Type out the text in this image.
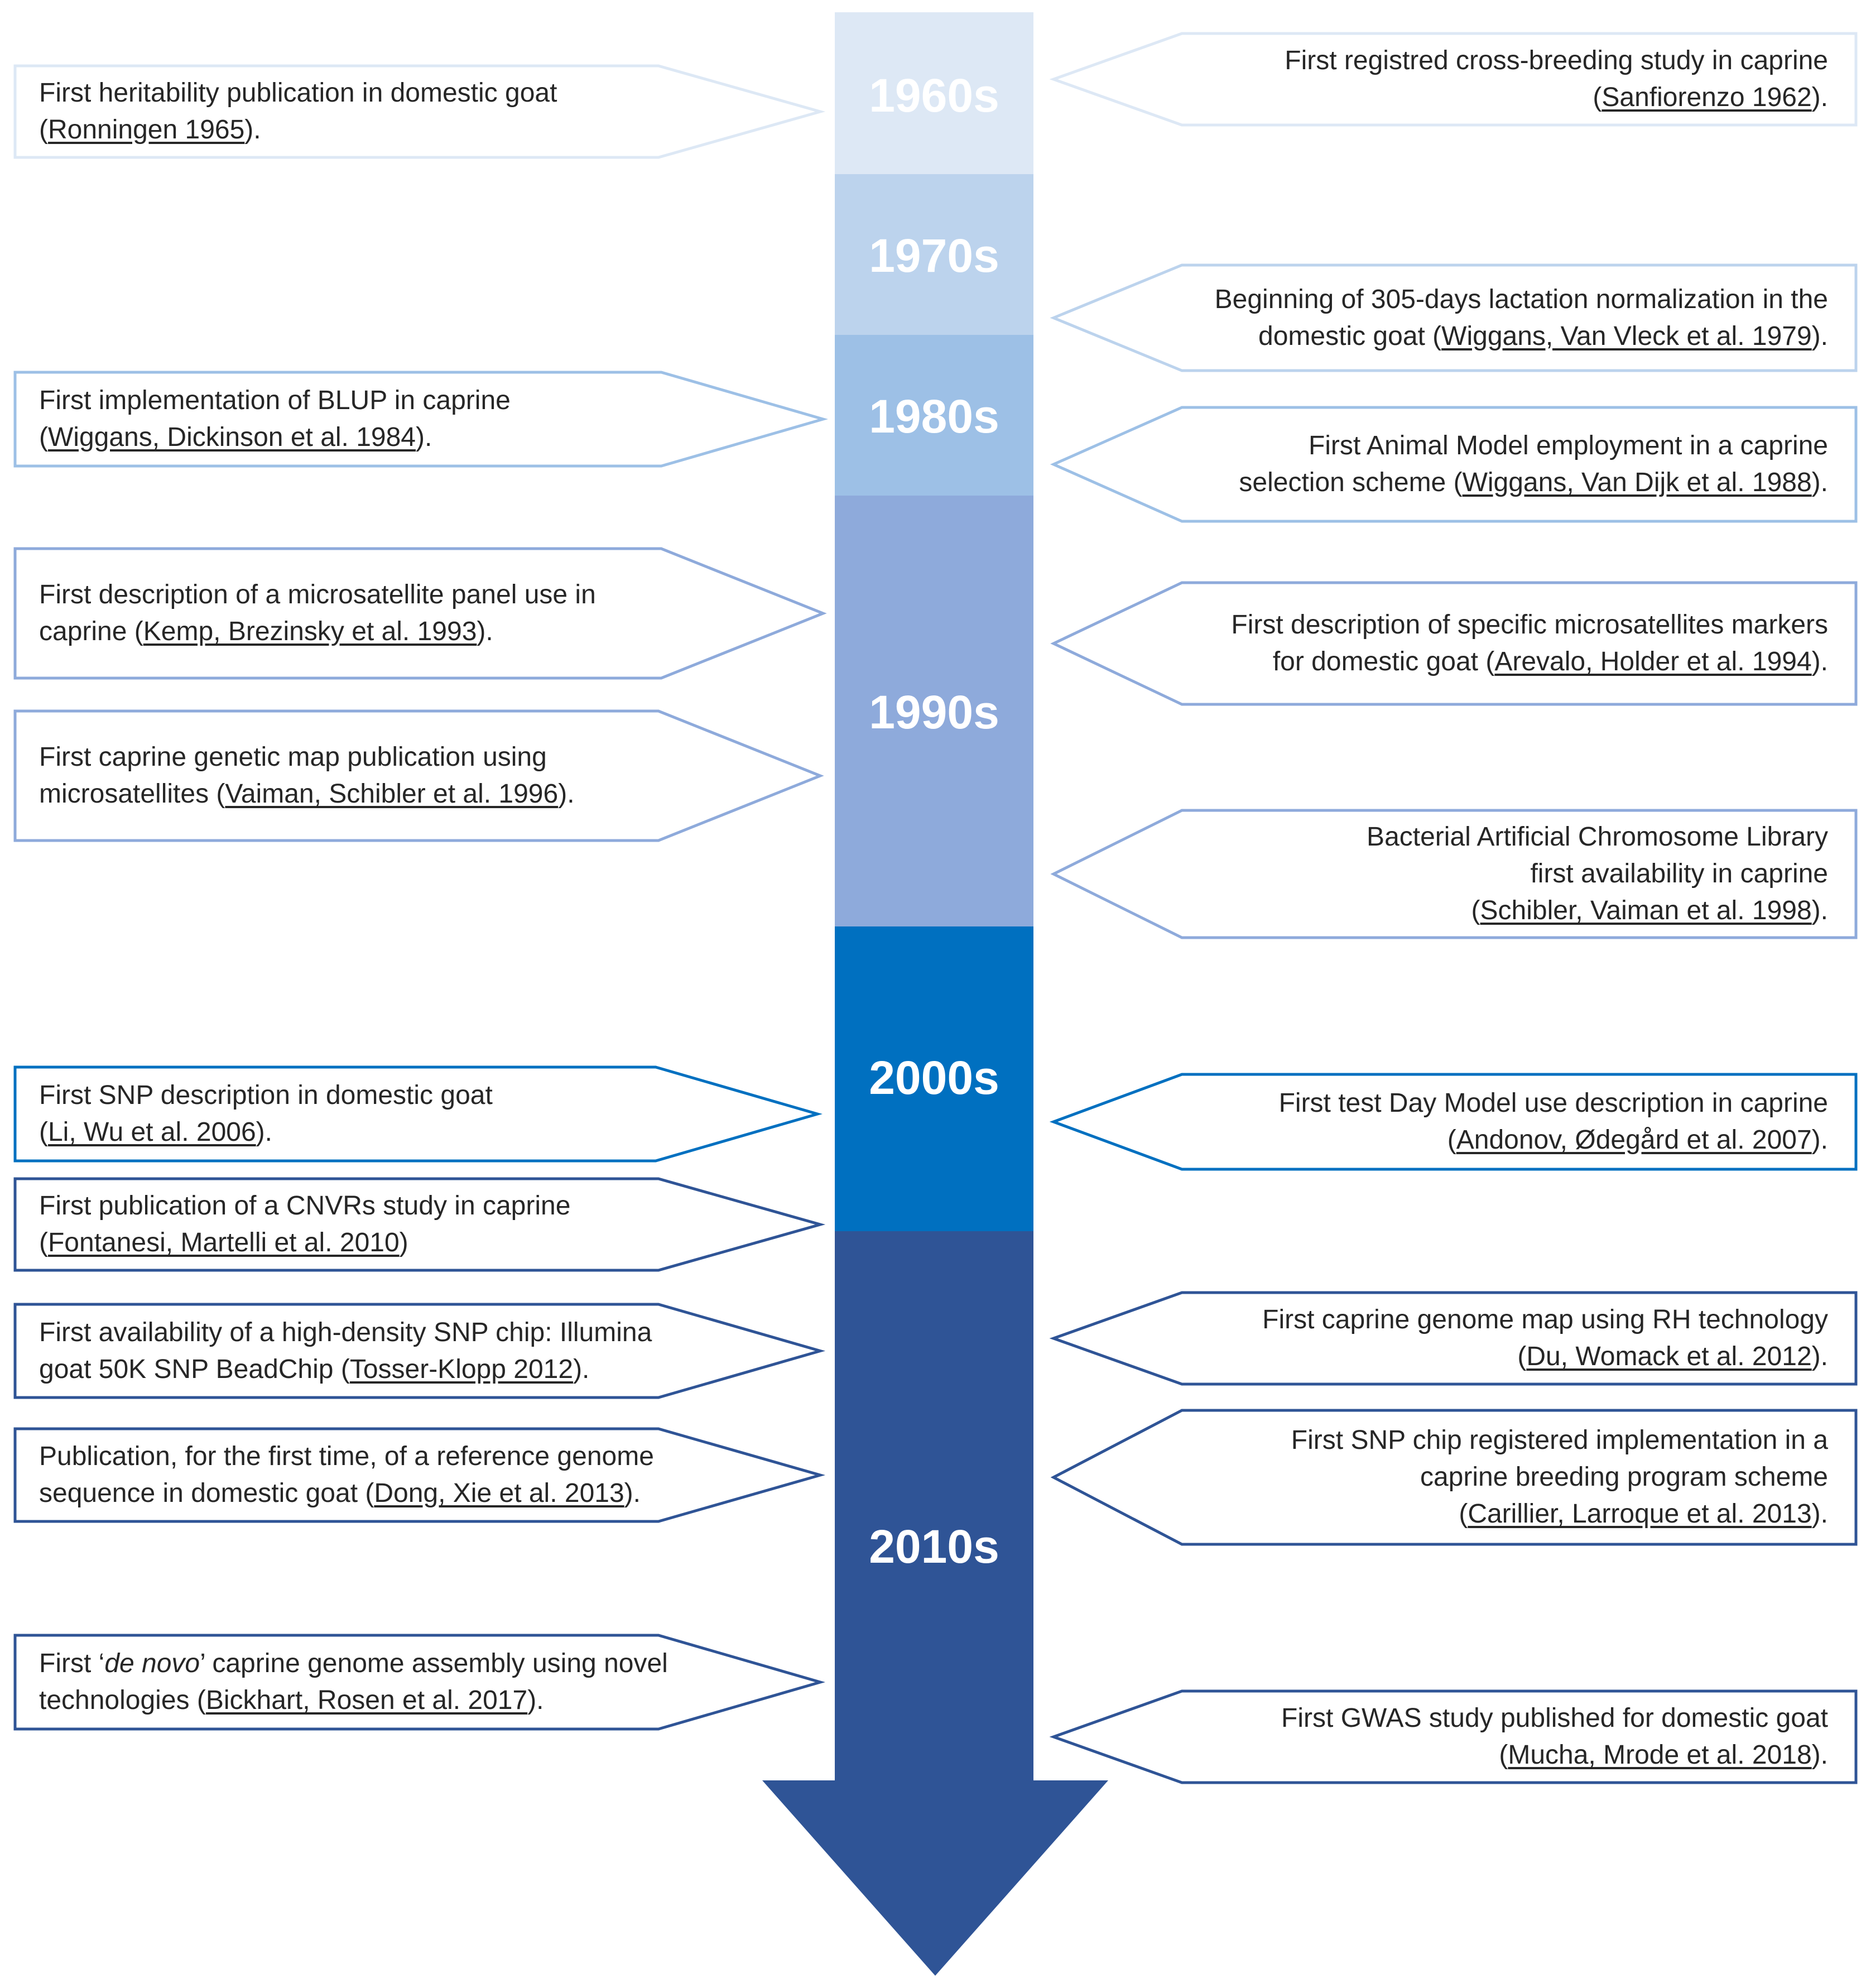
1960s
1970s
1980s
1990s
2000s
2010s
First heritability publication in domestic goat
(Ronningen 1965).
First implementation of BLUP in caprine
(Wiggans, Dickinson et al. 1984).
First description of a microsatellite panel use in
caprine (Kemp, Brezinsky et al. 1993).
First caprine genetic map publication using
microsatellites (Vaiman, Schibler et al. 1996).
First SNP description in domestic goat
(Li, Wu et al. 2006).
First publication of a CNVRs study in caprine
(Fontanesi, Martelli et al. 2010)
First availability of a high-density SNP chip: Illumina
goat 50K SNP BeadChip (Tosser-Klopp 2012).
Publication, for the first time, of a reference genome
sequence in domestic goat (Dong, Xie et al. 2013).
First ‘de novo’ caprine genome assembly using novel
technologies (Bickhart, Rosen et al. 2017).
First registred cross-breeding study in caprine
(Sanfiorenzo 1962).
Beginning of 305-days lactation normalization in the
domestic goat (Wiggans, Van Vleck et al. 1979).
First Animal Model employment in a caprine
selection scheme (Wiggans, Van Dijk et al. 1988).
First description of specific microsatellites markers
for domestic goat (Arevalo, Holder et al. 1994).
Bacterial Artificial Chromosome Library
first availability in caprine
(Schibler, Vaiman et al. 1998).
First test Day Model use description in caprine
(Andonov, Ødegård et al. 2007).
First caprine genome map using RH technology
(Du, Womack et al. 2012).
First SNP chip registered implementation in a
caprine breeding program scheme
(Carillier, Larroque et al. 2013).
First GWAS study published for domestic goat
(Mucha, Mrode et al. 2018).
